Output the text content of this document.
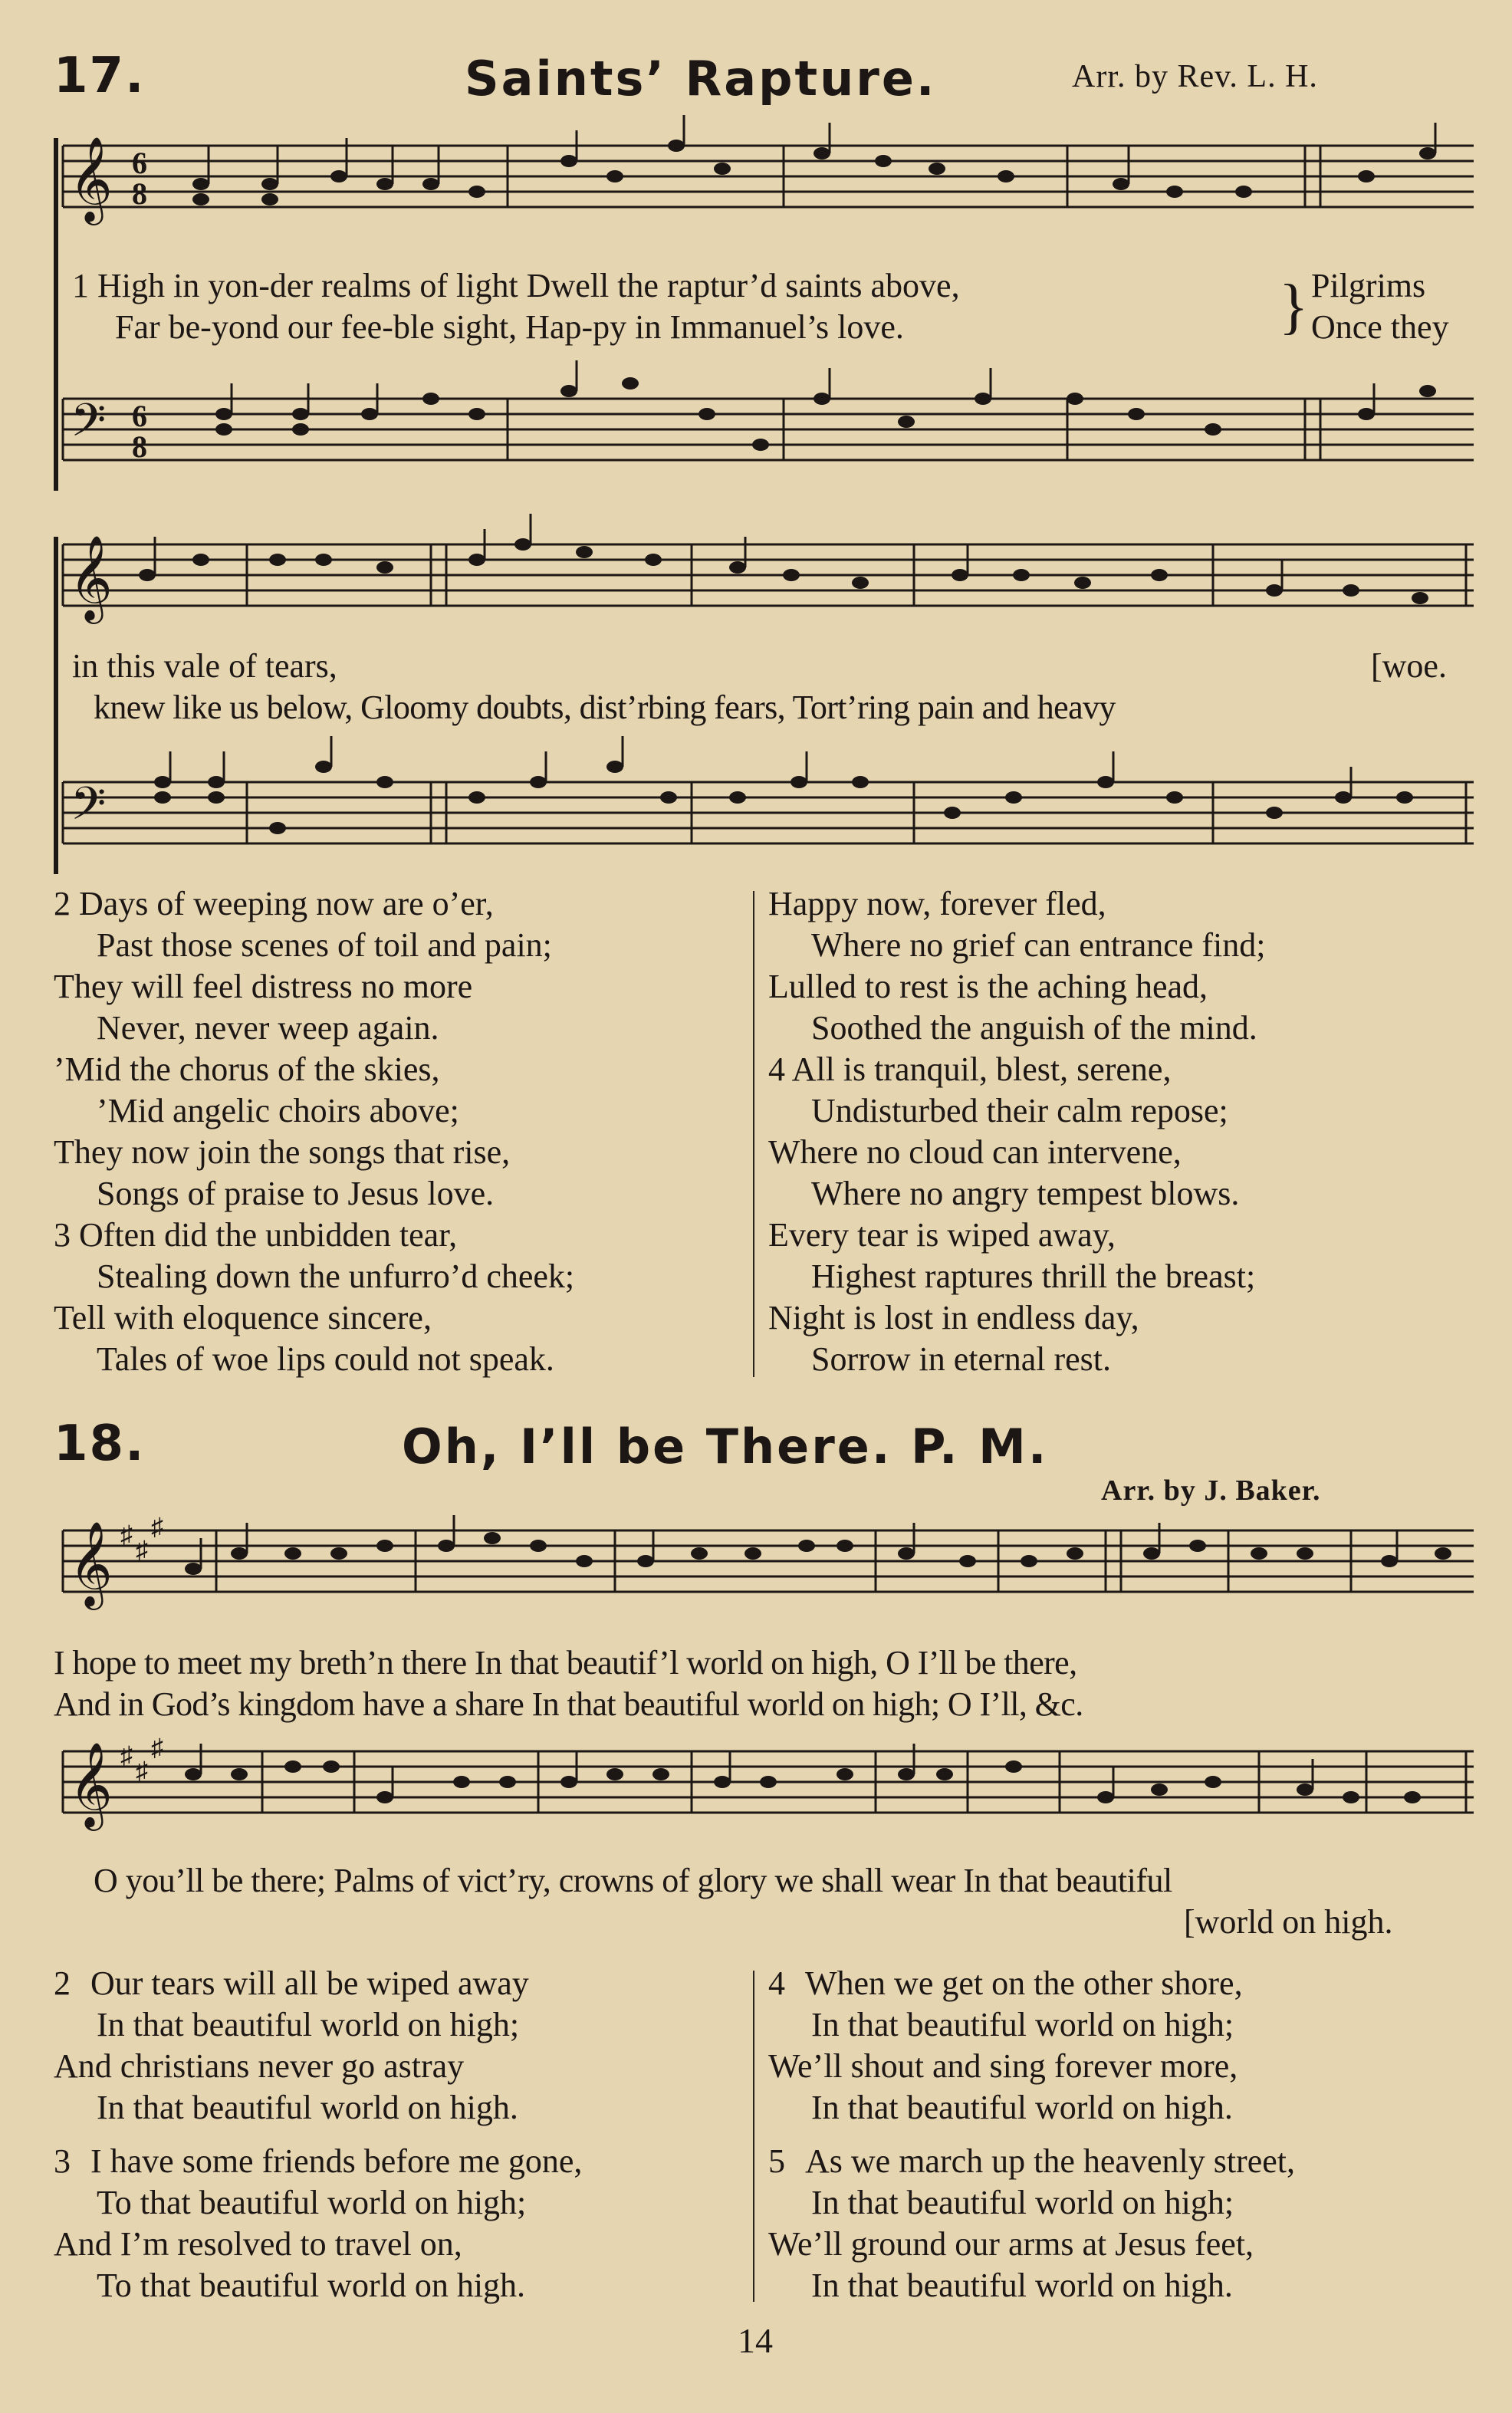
17.	Saints’ Rapture.	Arr. by Rev. L. H.
𝄞 6
8
1 High in yon-der realms of light Dwell the raptur’d saints above,
Far be-yond our fee-ble sight, Hap-py in Immanuel’s love.	} Pilgrims
Once they
𝄢 6
8
𝄞
in this vale of tears,	[woe.
knew like us below, Gloomy doubts, dist’rbing fears, Tort’ring pain and heavy
𝄢
2 Days of weeping now are o’er,
Past those scenes of toil and pain;
They will feel distress no more
Never, never weep again.
’Mid the chorus of the skies,
’Mid angelic choirs above;
They now join the songs that rise,
Songs of praise to Jesus love.
3 Often did the unbidden tear,
Stealing down the unfurro’d cheek;
Tell with eloquence sincere,
Tales of woe lips could not speak.
Happy now, forever fled,
Where no grief can entrance find;
Lulled to rest is the aching head,
Soothed the anguish of the mind.
4 All is tranquil, blest, serene,
Undisturbed their calm repose;
Where no cloud can intervene,
Where no angry tempest blows.
Every tear is wiped away,
Highest raptures thrill the breast;
Night is lost in endless day,
Sorrow in eternal rest.
18.	Oh, I’ll be There. P. M.
Arr. by J. Baker.
𝄞 ♯
♯
♯
I hope to meet my breth’n there In that beautif’l world on high, O I’ll be there,
And in God’s kingdom have a share In that beautiful world on high; O I’ll, &c.
𝄞 ♯
♯
♯
O you’ll be there; Palms of vict’ry, crowns of glory we shall wear In that beautiful
[world on high.
2 Our tears will all be wiped away
In that beautiful world on high;
And christians never go astray
In that beautiful world on high.
3 I have some friends before me gone,
To that beautiful world on high;
And I’m resolved to travel on,
To that beautiful world on high.
4 When we get on the other shore,
In that beautiful world on high;
We’ll shout and sing forever more,
In that beautiful world on high.
5 As we march up the heavenly street,
In that beautiful world on high;
We’ll ground our arms at Jesus feet,
In that beautiful world on high.
14
